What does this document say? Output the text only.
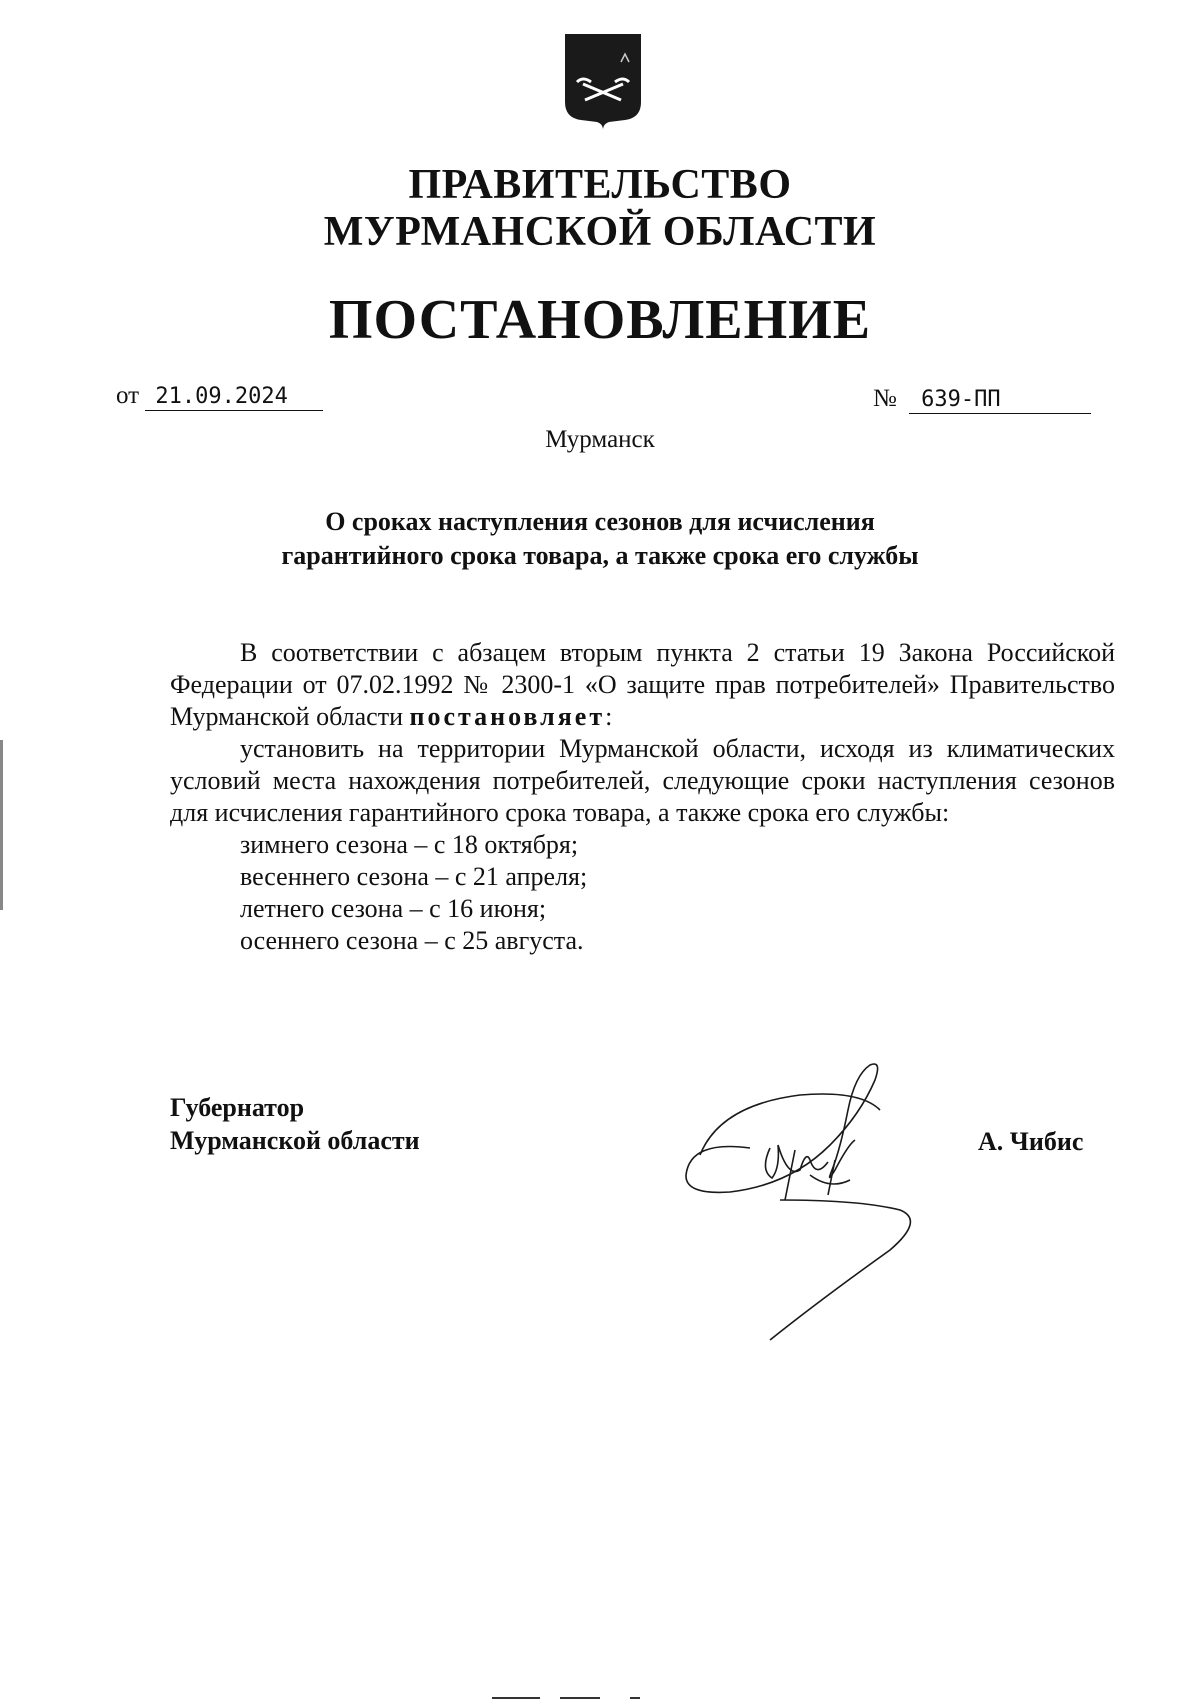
ПРАВИТЕЛЬСТВО
МУРМАНСКОЙ ОБЛАСТИ
ПОСТАНОВЛЕНИЕ
от 21.09.2024	№ 639-ПП
Мурманск
О сроках наступления сезонов для исчисления
гарантийного срока товара, а также срока его службы

В соответствии с абзацем вторым пункта 2 статьи 19 Закона Российской Федерации от 07.02.1992 № 2300-1 «О защите прав потребителей» Правительство Мурманской области постановляет:

установить на территории Мурманской области, исходя из климатических условий места нахождения потребителей, следующие сроки наступления сезонов для исчисления гарантийного срока товара, а также срока его службы:

зимнего сезона – с 18 октября;
весеннего сезона – с 21 апреля;
летнего сезона – с 16 июня;
осеннего сезона – с 25 августа.
Губернатор
Мурманской области	А. Чибис
